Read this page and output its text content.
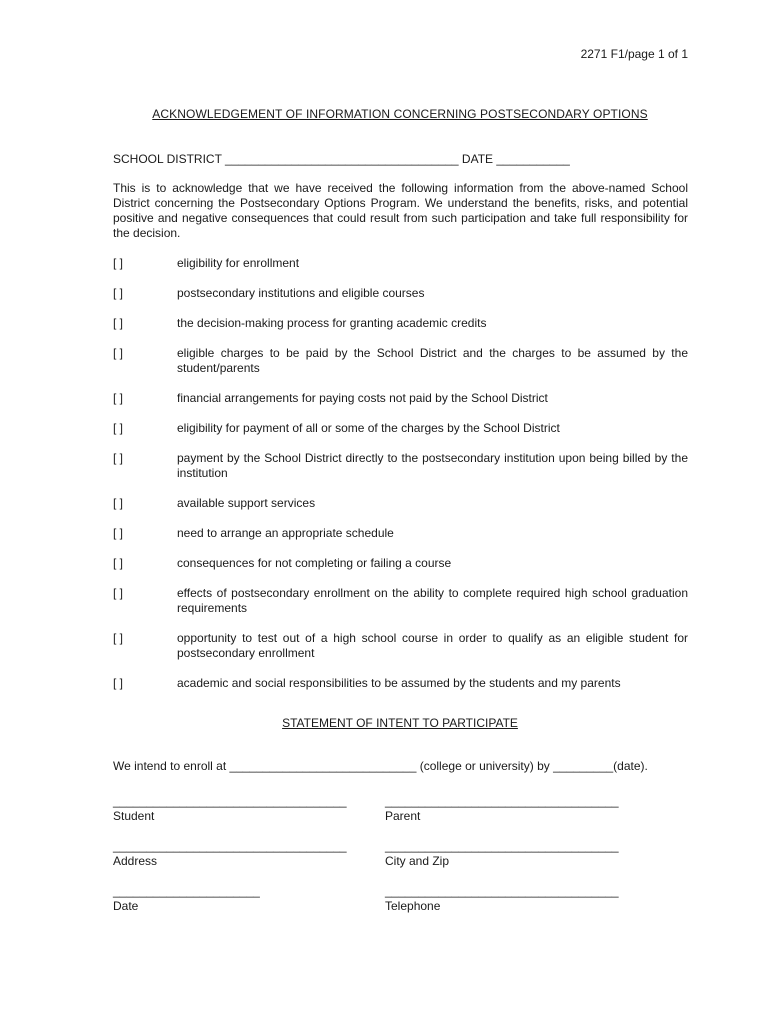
2271 F1/page 1 of 1
ACKNOWLEDGEMENT OF INFORMATION CONCERNING POSTSECONDARY OPTIONS
SCHOOL DISTRICT ___________________________________ DATE ___________
This is to acknowledge that we have received the following information from the above-named School District concerning the Postsecondary Options Program. We understand the benefits, risks, and potential positive and negative consequences that could result from such participation and take full responsibility for the decision.
[ ]	eligibility for enrollment
[ ]	postsecondary institutions and eligible courses
[ ]	the decision-making process for granting academic credits
[ ]	eligible charges to be paid by the School District and the charges to be assumed by the student/parents
[ ]	financial arrangements for paying costs not paid by the School District
[ ]	eligibility for payment of all or some of the charges by the School District
[ ]	payment by the School District directly to the postsecondary institution upon being billed by the institution
[ ]	available support services
[ ]	need to arrange an appropriate schedule
[ ]	consequences for not completing or failing a course
[ ]	effects of postsecondary enrollment on the ability to complete required high school graduation requirements
[ ]	opportunity to test out of a high school course in order to qualify as an eligible student for postsecondary enrollment
[ ]	academic and social responsibilities to be assumed by the students and my parents
STATEMENT OF INTENT TO PARTICIPATE
We intend to enroll at ____________________________ (college or university) by _________(date).
___________________________________
Student
___________________________________
Parent
___________________________________
Address
___________________________________
City and Zip
______________________
Date
___________________________________
Telephone
